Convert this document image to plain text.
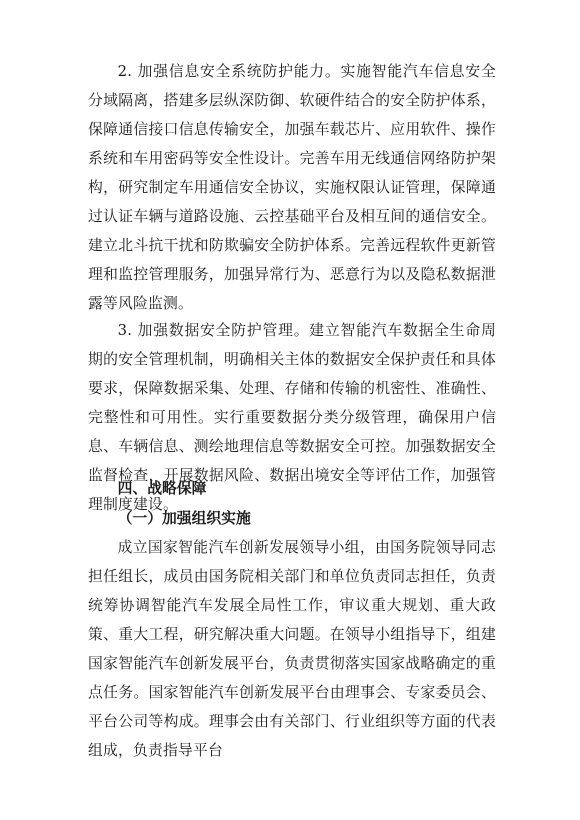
2. 加强信息安全系统防护能力。实施智能汽车信息安全分域隔离，搭建多层纵深防御、软硬件结合的安全防护体系，保障通信接口信息传输安全，加强车载芯片、应用软件、操作系统和车用密码等安全性设计。完善车用无线通信网络防护架构，研究制定车用通信安全协议，实施权限认证管理，保障通过认证车辆与道路设施、云控基础平台及相互间的通信安全。建立北斗抗干扰和防欺骗安全防护体系。完善远程软件更新管理和监控管理服务，加强异常行为、恶意行为以及隐私数据泄露等风险监测。

3. 加强数据安全防护管理。建立智能汽车数据全生命周期的安全管理机制，明确相关主体的数据安全保护责任和具体要求，保障数据采集、处理、存储和传输的机密性、准确性、完整性和可用性。实行重要数据分类分级管理，确保用户信息、车辆信息、测绘地理信息等数据安全可控。加强数据安全监督检查，开展数据风险、数据出境安全等评估工作，加强管理制度建设。

四、战略保障
（一）加强组织实施

成立国家智能汽车创新发展领导小组，由国务院领导同志担任组长，成员由国务院相关部门和单位负责同志担任，负责统筹协调智能汽车发展全局性工作，审议重大规划、重大政策、重大工程，研究解决重大问题。在领导小组指导下，组建国家智能汽车创新发展平台，负责贯彻落实国家战略确定的重点任务。国家智能汽车创新发展平台由理事会、专家委员会、平台公司等构成。理事会由有关部门、行业组织等方面的代表组成，负责指导平台
